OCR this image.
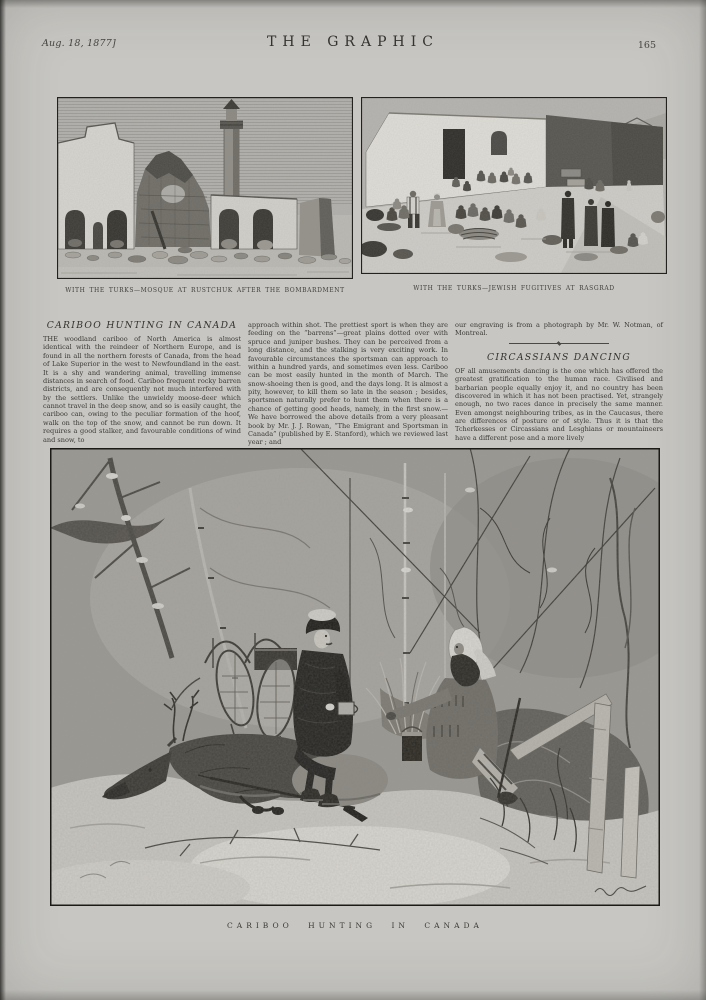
Aug. 18, 1877]	THE GRAPHIC	165
WITH THE TURKS—MOSQUE AT RUSTCHUK AFTER THE BOMBARDMENT	WITH THE TURKS—JEWISH FUGITIVES AT RASGRAD
CARIBOO HUNTING IN CANADA
THE woodland cariboo of North America is almost identical with the reindeer of Northern Europe, and is found in all the northern forests of Canada, from the head of Lake Superior in the west to Newfoundland in the east. It is a shy and wandering animal, travelling immense distances in search of food. Cariboo frequent rocky barren districts, and are consequently not much interfered with by the settlers. Unlike the unwieldy moose-deer which cannot travel in the deep snow, and so is easily caught, the cariboo can, owing to the peculiar formation of the hoof, walk on the top of the snow, and cannot be run down. It requires a good stalker, and favourable conditions of wind and snow, to
approach within shot. The prettiest sport is when they are feeding on the “barrens”—great plains dotted over with spruce and juniper bushes. They can be perceived from a long distance, and the stalking is very exciting work. In favourable circumstances the sportsman can approach to within a hundred yards, and sometimes even less. Cariboo can be most easily hunted in the month of March. The snow-shoeing then is good, and the days long. It is almost a pity, however, to kill them so late in the season ; besides, sportsmen naturally prefer to hunt them when there is a chance of getting good heads, namely, in the first snow.—We have borrowed the above details from a very pleasant book by Mr. J. J. Rowan, “The Emigrant and Sportsman in Canada” (published by E. Stanford), which we reviewed last year ; and
our engraving is from a photograph by Mr. W. Notman, of Montreal.
CIRCASSIANS DANCING
OF all amusements dancing is the one which has offered the greatest gratification to the human race. Civilised and barbarian people equally enjoy it, and no country has been discovered in which it has not been practised. Yet, strangely enough, no two races dance in precisely the same manner. Even amongst neighbouring tribes, as in the Caucasus, there are differences of posture or of style. Thus it is that the Tcherkesses or Circassians and Lesghians or mountaineers have a different pose and a more lively
CARIBOO HUNTING IN CANADA
